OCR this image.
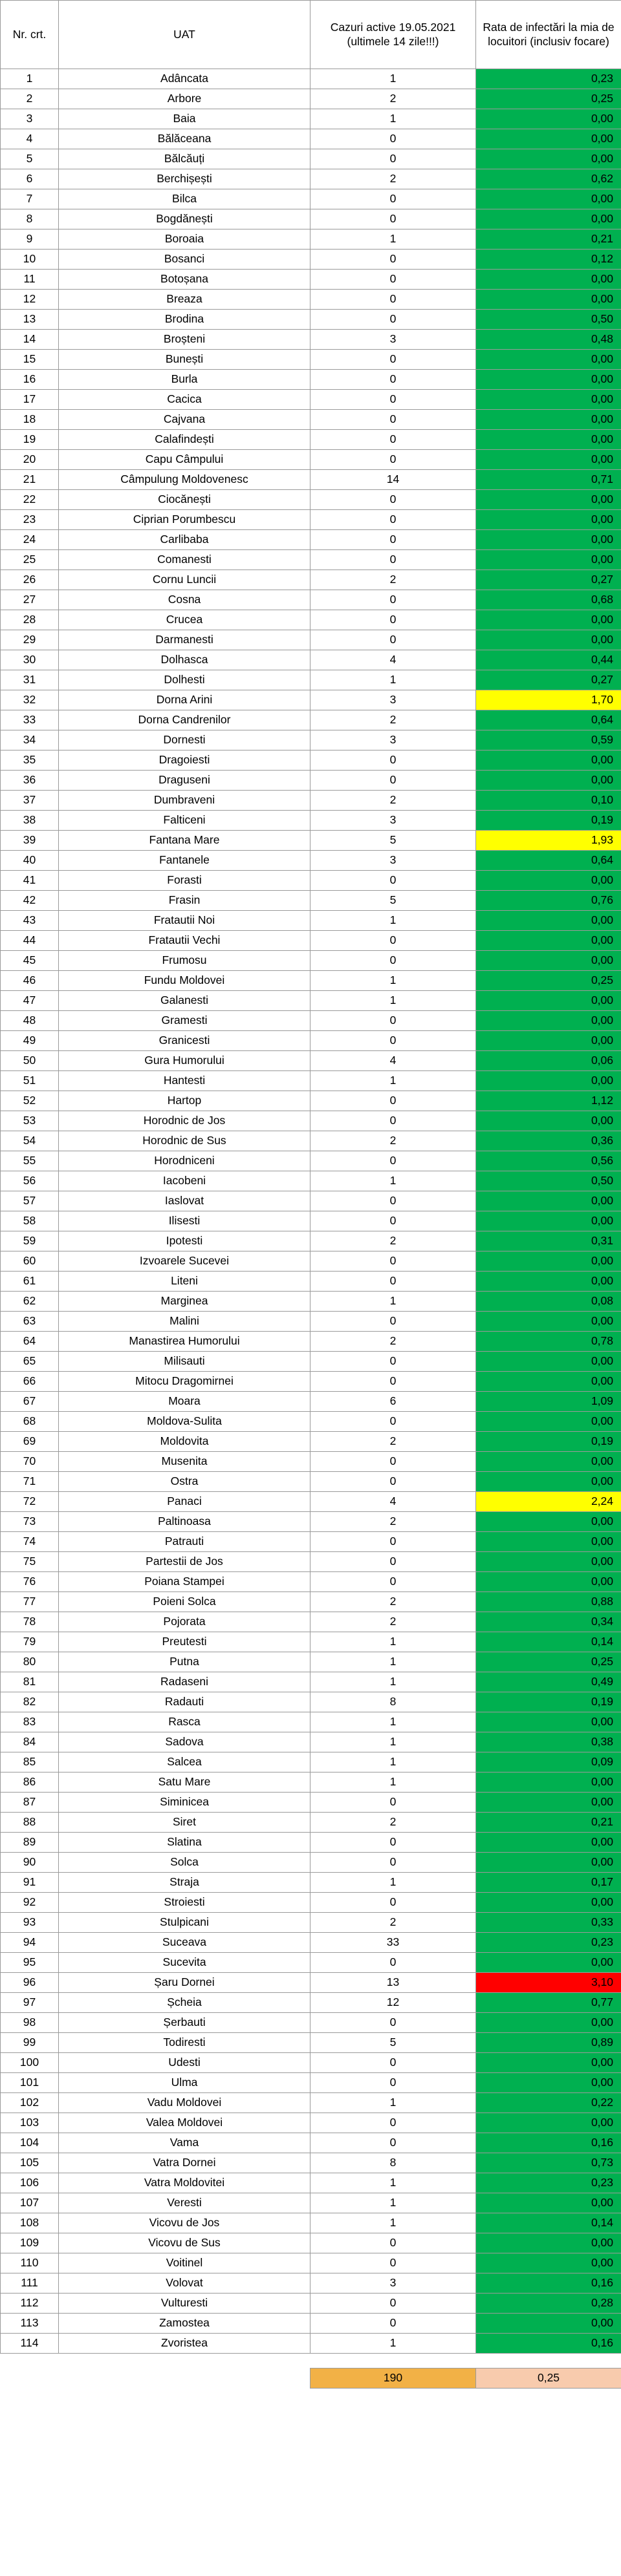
Nr. crt.	UAT	Cazuri active 19.05.2021 (ultimele 14 zile!!!)	Rata de infectări la mia de locuitori (inclusiv focare)
1	Adâncata	1	0,23
2	Arbore	2	0,25
3	Baia	1	0,00
4	Bălăceana	0	0,00
5	Bălcăuți	0	0,00
6	Berchișești	2	0,62
7	Bilca	0	0,00
8	Bogdănești	0	0,00
9	Boroaia	1	0,21
10	Bosanci	0	0,12
11	Botoșana	0	0,00
12	Breaza	0	0,00
13	Brodina	0	0,50
14	Broșteni	3	0,48
15	Bunești	0	0,00
16	Burla	0	0,00
17	Cacica	0	0,00
18	Cajvana	0	0,00
19	Calafindești	0	0,00
20	Capu Câmpului	0	0,00
21	Câmpulung Moldovenesc	14	0,71
22	Ciocănești	0	0,00
23	Ciprian Porumbescu	0	0,00
24	Carlibaba	0	0,00
25	Comanesti	0	0,00
26	Cornu Luncii	2	0,27
27	Cosna	0	0,68
28	Crucea	0	0,00
29	Darmanesti	0	0,00
30	Dolhasca	4	0,44
31	Dolhesti	1	0,27
32	Dorna Arini	3	1,70
33	Dorna Candrenilor	2	0,64
34	Dornesti	3	0,59
35	Dragoiesti	0	0,00
36	Draguseni	0	0,00
37	Dumbraveni	2	0,10
38	Falticeni	3	0,19
39	Fantana Mare	5	1,93
40	Fantanele	3	0,64
41	Forasti	0	0,00
42	Frasin	5	0,76
43	Fratautii Noi	1	0,00
44	Fratautii Vechi	0	0,00
45	Frumosu	0	0,00
46	Fundu Moldovei	1	0,25
47	Galanesti	1	0,00
48	Gramesti	0	0,00
49	Granicesti	0	0,00
50	Gura Humorului	4	0,06
51	Hantesti	1	0,00
52	Hartop	0	1,12
53	Horodnic de Jos	0	0,00
54	Horodnic de Sus	2	0,36
55	Horodniceni	0	0,56
56	Iacobeni	1	0,50
57	Iaslovat	0	0,00
58	Ilisesti	0	0,00
59	Ipotesti	2	0,31
60	Izvoarele Sucevei	0	0,00
61	Liteni	0	0,00
62	Marginea	1	0,08
63	Malini	0	0,00
64	Manastirea Humorului	2	0,78
65	Milisauti	0	0,00
66	Mitocu Dragomirnei	0	0,00
67	Moara	6	1,09
68	Moldova-Sulita	0	0,00
69	Moldovita	2	0,19
70	Musenita	0	0,00
71	Ostra	0	0,00
72	Panaci	4	2,24
73	Paltinoasa	2	0,00
74	Patrauti	0	0,00
75	Partestii de Jos	0	0,00
76	Poiana Stampei	0	0,00
77	Poieni Solca	2	0,88
78	Pojorata	2	0,34
79	Preutesti	1	0,14
80	Putna	1	0,25
81	Radaseni	1	0,49
82	Radauti	8	0,19
83	Rasca	1	0,00
84	Sadova	1	0,38
85	Salcea	1	0,09
86	Satu Mare	1	0,00
87	Siminicea	0	0,00
88	Siret	2	0,21
89	Slatina	0	0,00
90	Solca	0	0,00
91	Straja	1	0,17
92	Stroiesti	0	0,00
93	Stulpicani	2	0,33
94	Suceava	33	0,23
95	Sucevita	0	0,00
96	Șaru Dornei	13	3,10
97	Șcheia	12	0,77
98	Șerbauti	0	0,00
99	Todiresti	5	0,89
100	Udesti	0	0,00
101	Ulma	0	0,00
102	Vadu Moldovei	1	0,22
103	Valea Moldovei	0	0,00
104	Vama	0	0,16
105	Vatra Dornei	8	0,73
106	Vatra Moldovitei	1	0,23
107	Veresti	1	0,00
108	Vicovu de Jos	1	0,14
109	Vicovu de Sus	0	0,00
110	Voitinel	0	0,00
111	Volovat	3	0,16
112	Vulturesti	0	0,28
113	Zamostea	0	0,00
114	Zvoristea	1	0,16

		190	0,25
